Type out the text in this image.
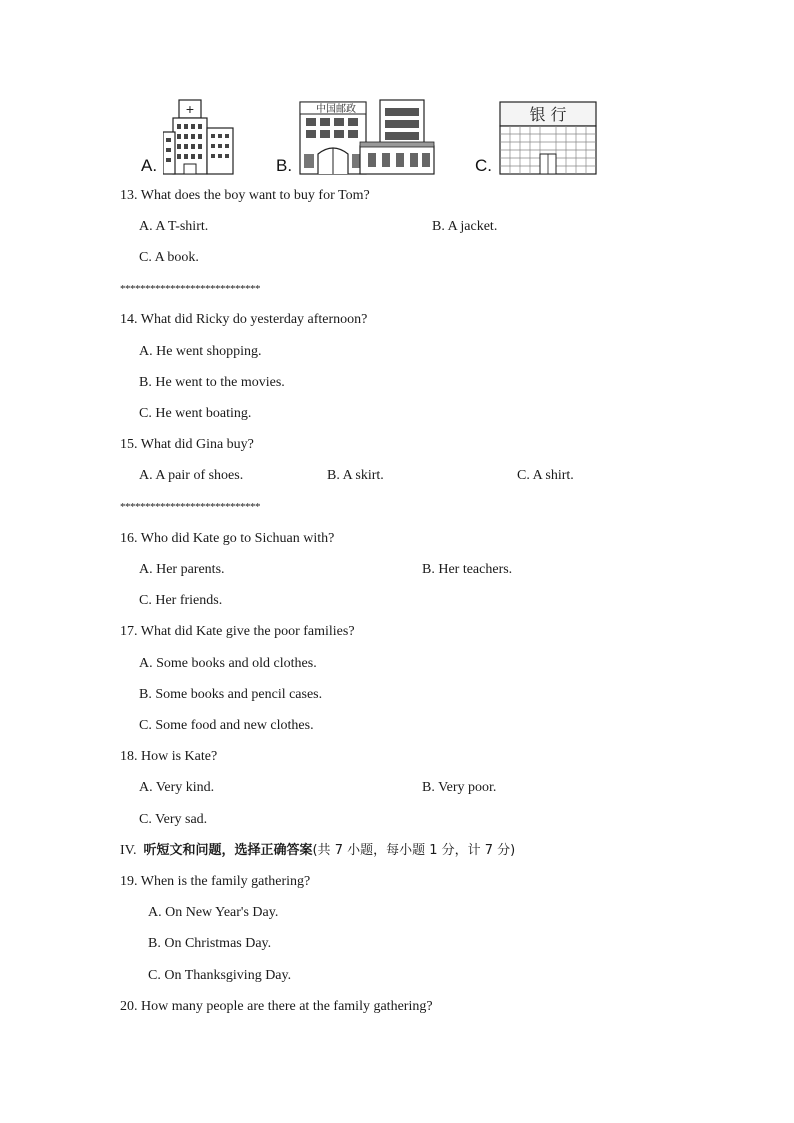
A.
+
B.
中国邮政
C.
银 行
13. What does the boy want to buy for Tom?
A. A T-shirt.	B. A jacket.
C. A book.
****************************
14. What did Ricky do yesterday afternoon?
A. He went shopping.
B. He went to the movies.
C. He went boating.
15. What did Gina buy?
A. A pair of shoes.	B. A skirt.	C. A shirt.
****************************
16. Who did Kate go to Sichuan with?
A. Her parents.	B. Her teachers.
C. Her friends.
17. What did Kate give the poor families?
A. Some books and old clothes.
B. Some books and pencil cases.
C. Some food and new clothes.
18. How is Kate?
A. Very kind.	B. Very poor.
C. Very sad.
IV. 听短文和问题，选择正确答案(共 7 小题，每小题 1 分，计 7 分)
19. When is the family gathering?
A. On New Year's Day.
B. On Christmas Day.
C. On Thanksgiving Day.
20. How many people are there at the family gathering?
